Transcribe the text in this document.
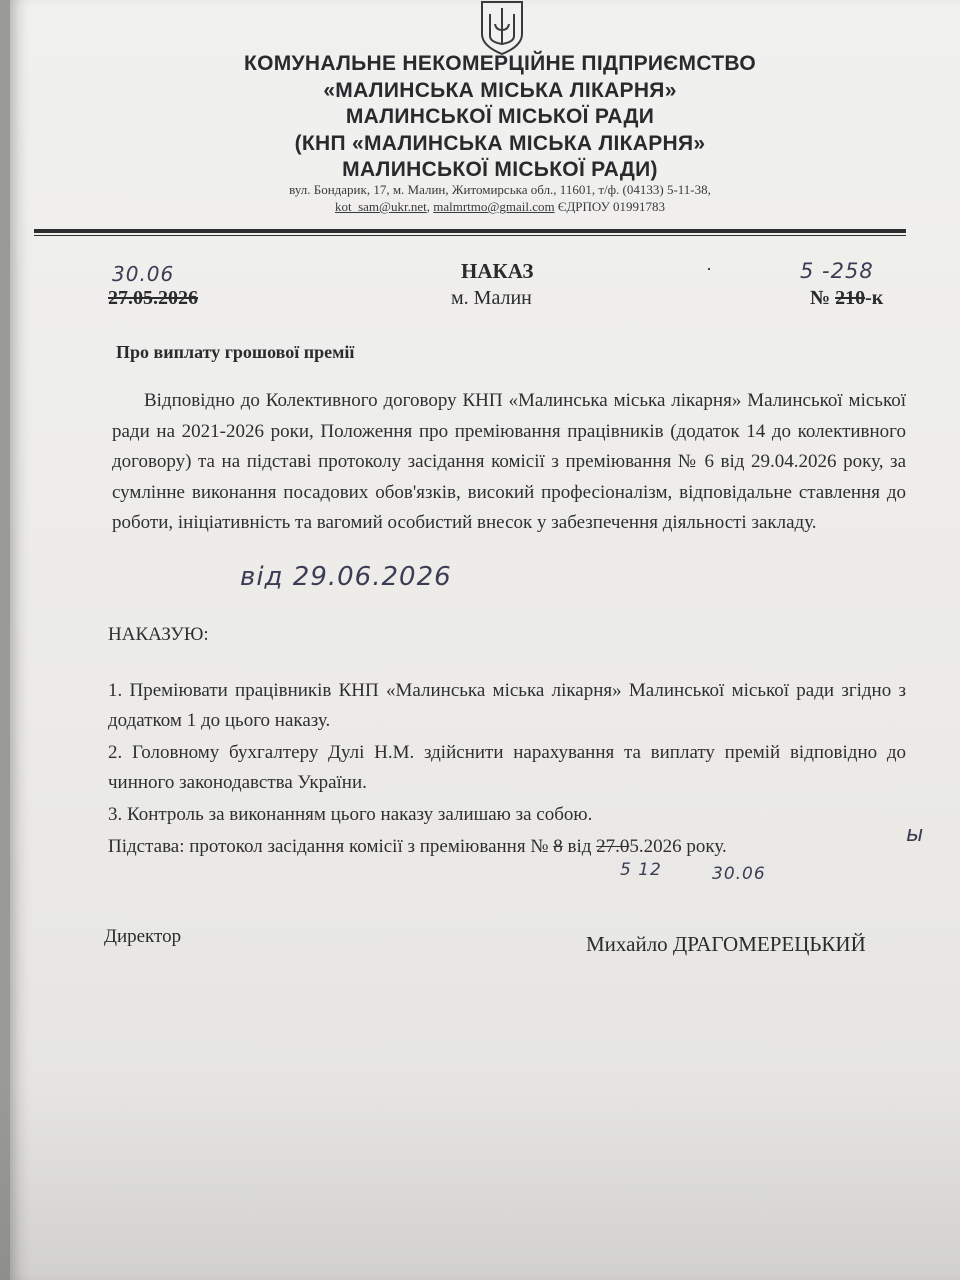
КОМУНАЛЬНЕ НЕКОМЕРЦІЙНЕ ПІДПРИЄМСТВО
«МАЛИНСЬКА МІСЬКА ЛІКАРНЯ»
МАЛИНСЬКОЇ МІСЬКОЇ РАДИ
(КНП «МАЛИНСЬКА МІСЬКА ЛІКАРНЯ»
МАЛИНСЬКОЇ МІСЬКОЇ РАДИ)
вул. Бондарик, 17, м. Малин, Житомирська обл., 11601, т/ф. (04133) 5-11-38,
kot_sam@ukr.net, malmrtmo@gmail.com ЄДРПОУ 01991783
30.06
27.05.2026
НАКАЗ
м. Малин
·	5 -258
№ 210-к
Про виплату грошової премії
Відповідно до Колективного договору КНП «Малинська міська лікарня» Малинської міської ради на 2021-2026 роки, Положення про преміювання працівників (додаток 14 до колективного договору) та на підставі протоколу засідання комісії з преміювання № 6 від 29.04.2026 року, за сумлінне виконання посадових обов'язків, високий професіоналізм, відповідальне ставлення до роботи, ініціативність та вагомий особистий внесок у забезпечення діяльності закладу.
від 29.06.2026
НАКАЗУЮ:

1. Преміювати працівників КНП «Малинська міська лікарня» Малинської міської ради згідно з додатком 1 до цього наказу.

2. Головному бухгалтеру Дулі Н.М. здійснити нарахування та виплату премій відповідно до чинного законодавства України.

3. Контроль за виконанням цього наказу залишаю за собою.

Підстава: протокол засідання комісії з преміювання № 8 від 27.05.2026 року.
5 12	30.06
ы
Директор	Михайло ДРАГОМЕРЕЦЬКИЙ
